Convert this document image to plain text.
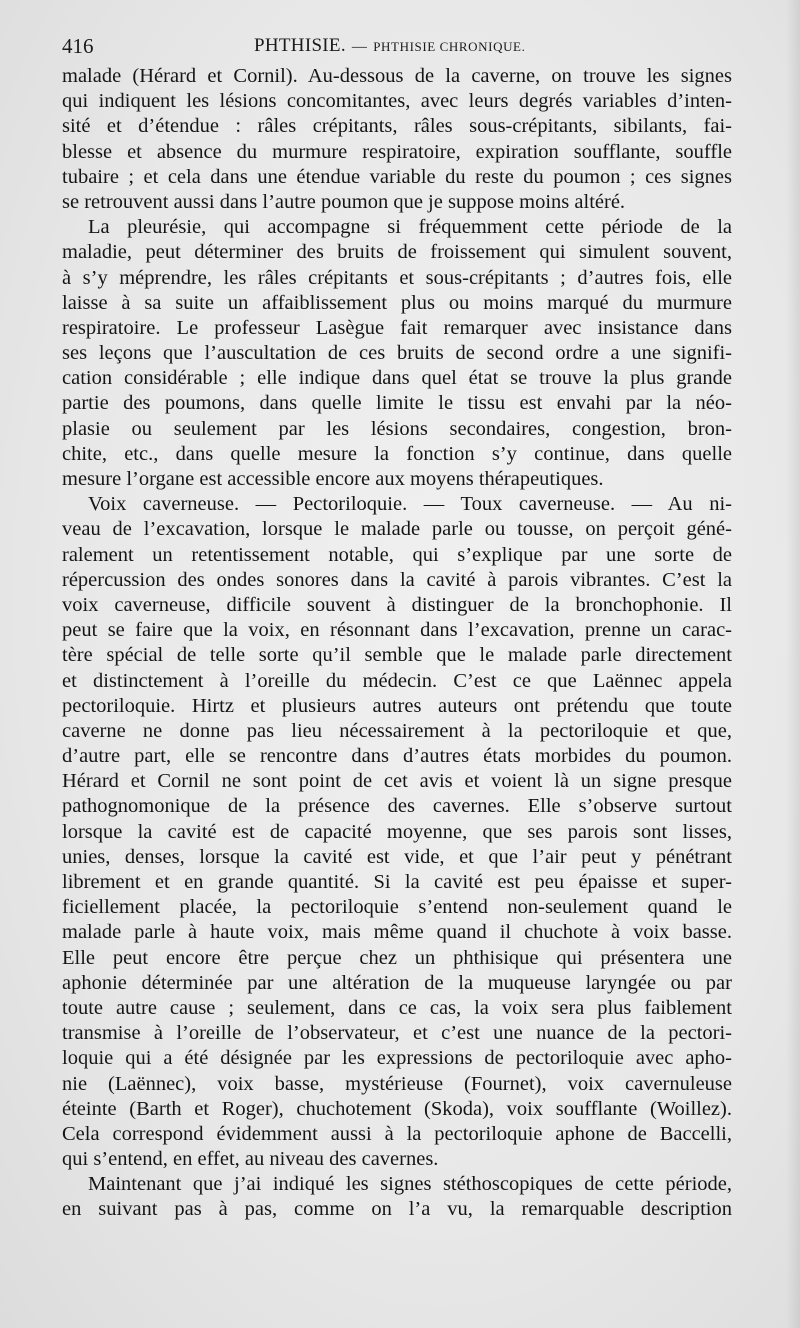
416	PHTHISIE. — PHTHISIE CHRONIQUE.
malade (Hérard et Cornil). Au-dessous de la caverne, on trouve les signes
qui indiquent les lésions concomitantes, avec leurs degrés variables d’inten-
sité et d’étendue : râles crépitants, râles sous-crépitants, sibilants, fai-
blesse et absence du murmure respiratoire, expiration soufflante, souffle
tubaire ; et cela dans une étendue variable du reste du poumon ; ces signes
se retrouvent aussi dans l’autre poumon que je suppose moins altéré.
La pleurésie, qui accompagne si fréquemment cette période de la
maladie, peut déterminer des bruits de froissement qui simulent souvent,
à s’y méprendre, les râles crépitants et sous-crépitants ; d’autres fois, elle
laisse à sa suite un affaiblissement plus ou moins marqué du murmure
respiratoire. Le professeur Lasègue fait remarquer avec insistance dans
ses leçons que l’auscultation de ces bruits de second ordre a une signifi-
cation considérable ; elle indique dans quel état se trouve la plus grande
partie des poumons, dans quelle limite le tissu est envahi par la néo-
plasie ou seulement par les lésions secondaires, congestion, bron-
chite, etc., dans quelle mesure la fonction s’y continue, dans quelle
mesure l’organe est accessible encore aux moyens thérapeutiques.
Voix caverneuse. — Pectoriloquie. — Toux caverneuse. — Au ni-
veau de l’excavation, lorsque le malade parle ou tousse, on perçoit géné-
ralement un retentissement notable, qui s’explique par une sorte de
répercussion des ondes sonores dans la cavité à parois vibrantes. C’est la
voix caverneuse, difficile souvent à distinguer de la bronchophonie. Il
peut se faire que la voix, en résonnant dans l’excavation, prenne un carac-
tère spécial de telle sorte qu’il semble que le malade parle directement
et distinctement à l’oreille du médecin. C’est ce que Laënnec appela
pectoriloquie. Hirtz et plusieurs autres auteurs ont prétendu que toute
caverne ne donne pas lieu nécessairement à la pectoriloquie et que,
d’autre part, elle se rencontre dans d’autres états morbides du poumon.
Hérard et Cornil ne sont point de cet avis et voient là un signe presque
pathognomonique de la présence des cavernes. Elle s’observe surtout
lorsque la cavité est de capacité moyenne, que ses parois sont lisses,
unies, denses, lorsque la cavité est vide, et que l’air peut y pénétrant
librement et en grande quantité. Si la cavité est peu épaisse et super-
ficiellement placée, la pectoriloquie s’entend non-seulement quand le
malade parle à haute voix, mais même quand il chuchote à voix basse.
Elle peut encore être perçue chez un phthisique qui présentera une
aphonie déterminée par une altération de la muqueuse laryngée ou par
toute autre cause ; seulement, dans ce cas, la voix sera plus faiblement
transmise à l’oreille de l’observateur, et c’est une nuance de la pectori-
loquie qui a été désignée par les expressions de pectoriloquie avec apho-
nie (Laënnec), voix basse, mystérieuse (Fournet), voix cavernuleuse
éteinte (Barth et Roger), chuchotement (Skoda), voix soufflante (Woillez).
Cela correspond évidemment aussi à la pectoriloquie aphone de Baccelli,
qui s’entend, en effet, au niveau des cavernes.
Maintenant que j’ai indiqué les signes stéthoscopiques de cette période,
en suivant pas à pas, comme on l’a vu, la remarquable description
